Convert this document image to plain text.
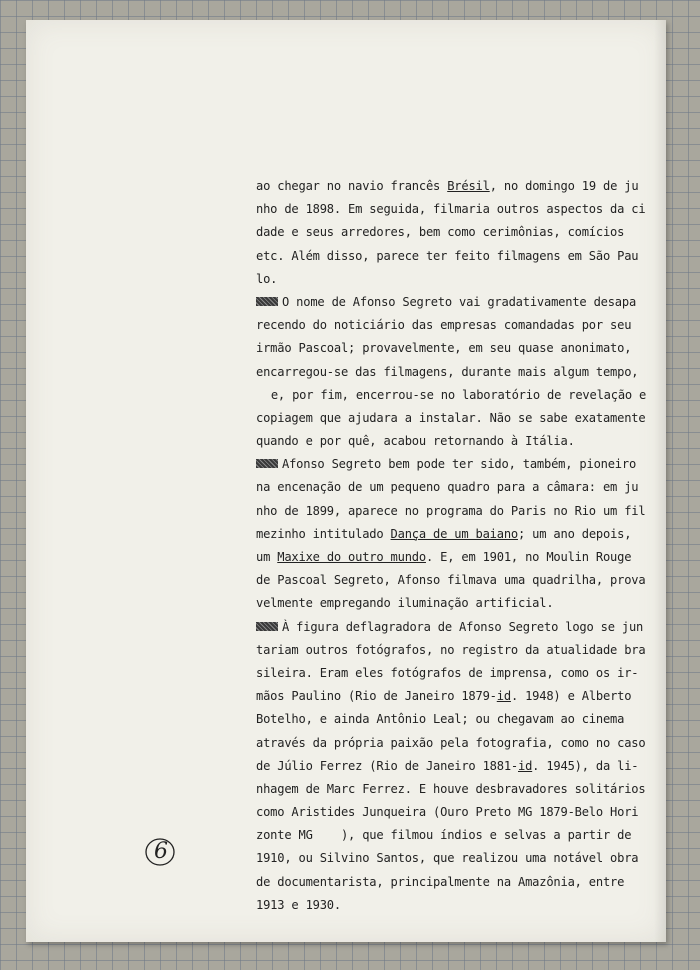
ao chegar no navio francês Brésil, no domingo 19 de ju
nho de 1898. Em seguida, filmaria outros aspectos da ci
dade e seus arredores, bem como cerimônias, comícios
etc. Além disso, parece ter feito filmagens em São Pau
lo.
O nome de Afonso Segreto vai gradativamente desapa
recendo do noticiário das empresas comandadas por seu
irmão Pascoal; provavelmente, em seu quase anonimato,
encarregou-se das filmagens, durante mais algum tempo,
e, por fim, encerrou-se no laboratório de revelação e
copiagem que ajudara a instalar. Não se sabe exatamente
quando e por quê, acabou retornando à Itália.
Afonso Segreto bem pode ter sido, também, pioneiro
na encenação de um pequeno quadro para a câmara: em ju
nho de 1899, aparece no programa do Paris no Rio um fil
mezinho intitulado Dança de um baiano; um ano depois,
um Maxixe do outro mundo. E, em 1901, no Moulin Rouge
de Pascoal Segreto, Afonso filmava uma quadrilha, prova
velmente empregando iluminação artificial.
À figura deflagradora de Afonso Segreto logo se jun
tariam outros fotógrafos, no registro da atualidade bra
sileira. Eram eles fotógrafos de imprensa, como os ir-
mãos Paulino (Rio de Janeiro 1879-id. 1948) e Alberto
Botelho, e ainda Antônio Leal; ou chegavam ao cinema
através da própria paixão pela fotografia, como no caso
de Júlio Ferrez (Rio de Janeiro 1881-id. 1945), da li-
nhagem de Marc Ferrez. E houve desbravadores solitários
como Aristides Junqueira (Ouro Preto MG 1879-Belo Hori
zonte MG    ), que filmou índios e selvas a partir de
1910, ou Silvino Santos, que realizou uma notável obra
de documentarista, principalmente na Amazônia, entre
1913 e 1930.
6
